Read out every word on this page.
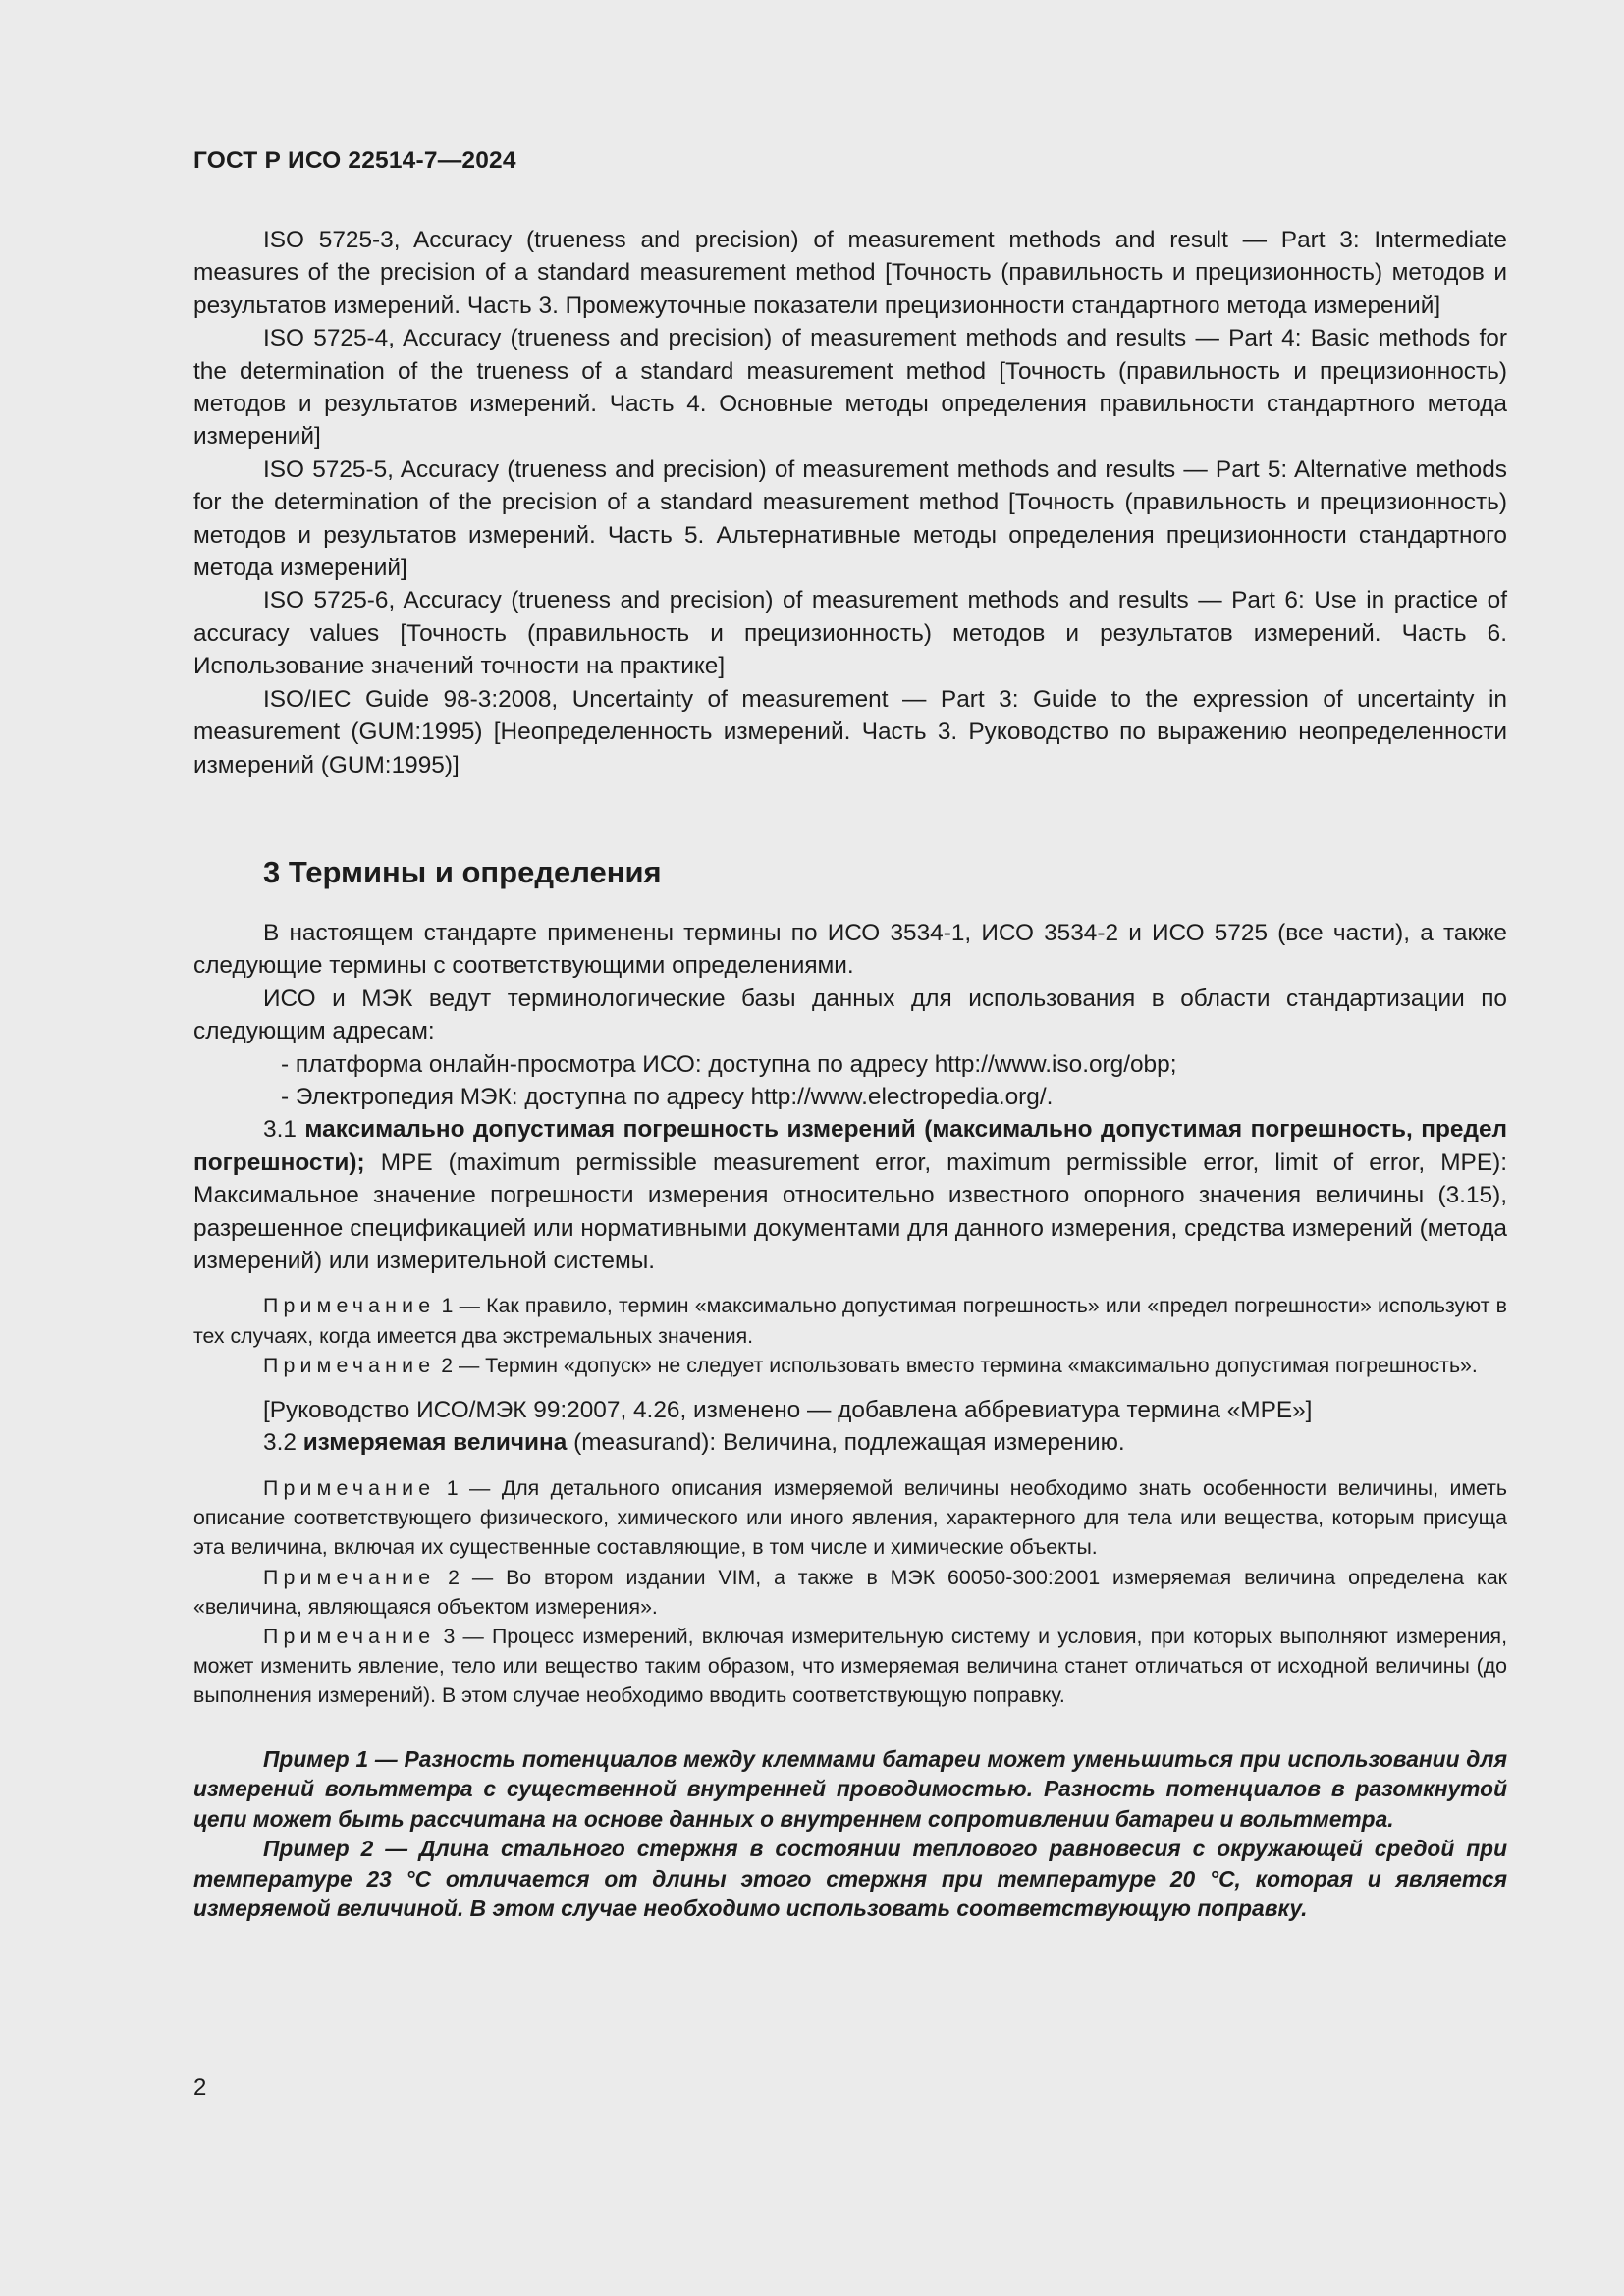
ГОСТ Р ИСО 22514-7—2024

ISO 5725-3, Accuracy (trueness and precision) of measurement methods and result — Part 3: Intermediate measures of the precision of a standard measurement method [Точность (правильность и прецизионность) методов и результатов измерений. Часть 3. Промежуточные показатели прецизионности стандартного метода измерений]

ISO 5725-4, Accuracy (trueness and precision) of measurement methods and results — Part 4: Basic methods for the determination of the trueness of a standard measurement method [Точность (правильность и прецизионность) методов и результатов измерений. Часть 4. Основные методы определения правильности стандартного метода измерений]

ISO 5725-5, Accuracy (trueness and precision) of measurement methods and results — Part 5: Alternative methods for the determination of the precision of a standard measurement method [Точность (правильность и прецизионность) методов и результатов измерений. Часть 5. Альтернативные методы определения прецизионности стандартного метода измерений]

ISO 5725-6, Accuracy (trueness and precision) of measurement methods and results — Part 6: Use in practice of accuracy values [Точность (правильность и прецизионность) методов и результатов измерений. Часть 6. Использование значений точности на практике]

ISO/IEC Guide 98-3:2008, Uncertainty of measurement — Part 3: Guide to the expression of uncertainty in measurement (GUM:1995) [Неопределенность измерений. Часть 3. Руководство по выражению неопределенности измерений (GUM:1995)]

3 Термины и определения

В настоящем стандарте применены термины по ИСО 3534-1, ИСО 3534-2 и ИСО 5725 (все части), а также следующие термины с соответствующими определениями.

ИСО и МЭК ведут терминологические базы данных для использования в области стандартизации по следующим адресам:

- платформа онлайн-просмотра ИСО: доступна по адресу http://www.iso.org/obp;

- Электропедия МЭК: доступна по адресу http://www.electropedia.org/.

3.1 максимально допустимая погрешность измерений (максимально допустимая погрешность, предел погрешности); MPE (maximum permissible measurement error, maximum permissible error, limit of error, MPE): Максимальное значение погрешности измерения относительно известного опорного значения величины (3.15), разрешенное спецификацией или нормативными документами для данного измерения, средства измерений (метода измерений) или измерительной системы.

Примечание 1 — Как правило, термин «максимально допустимая погрешность» или «предел погрешности» используют в тех случаях, когда имеется два экстремальных значения.

Примечание 2 — Термин «допуск» не следует использовать вместо термина «максимально допустимая погрешность».

[Руководство ИСО/МЭК 99:2007, 4.26, изменено — добавлена аббревиатура термина «MPE»]

3.2 измеряемая величина (measurand): Величина, подлежащая измерению.

Примечание 1 — Для детального описания измеряемой величины необходимо знать особенности величины, иметь описание соответствующего физического, химического или иного явления, характерного для тела или вещества, которым присуща эта величина, включая их существенные составляющие, в том числе и химические объекты.

Примечание 2 — Во втором издании VIM, а также в МЭК 60050-300:2001 измеряемая величина определена как «величина, являющаяся объектом измерения».

Примечание 3 — Процесс измерений, включая измерительную систему и условия, при которых выполняют измерения, может изменить явление, тело или вещество таким образом, что измеряемая величина станет отличаться от исходной величины (до выполнения измерений). В этом случае необходимо вводить соответствующую поправку.

Пример 1 — Разность потенциалов между клеммами батареи может уменьшиться при использовании для измерений вольтметра с существенной внутренней проводимостью. Разность потенциалов в разомкнутой цепи может быть рассчитана на основе данных о внутреннем сопротивлении батареи и вольтметра.

Пример 2 — Длина стального стержня в состоянии теплового равновесия с окружающей средой при температуре 23 °С отличается от длины этого стержня при температуре 20 °С, которая и является измеряемой величиной. В этом случае необходимо использовать соответствующую поправку.

2
